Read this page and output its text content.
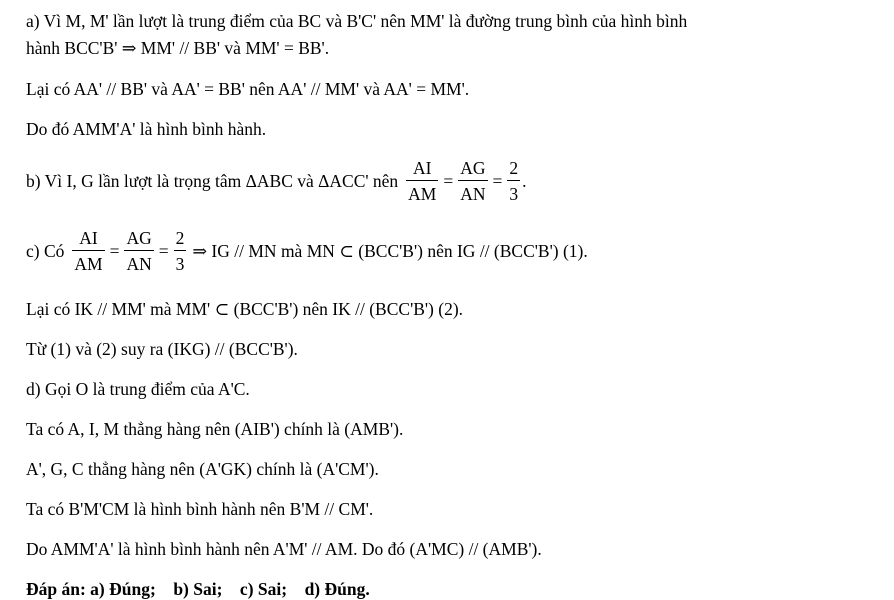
a) Vì M, M' lần lượt là trung điểm của BC và B'C' nên MM' là đường trung bình của hình bình
hành BCC'B' ⇒ MM' // BB' và MM' = BB'.
Lại có AA' // BB' và AA' = BB' nên AA' // MM' và AA' = MM'.
Do đó AMM'A' là hình bình hành.
b) Vì I, G lần lượt là trọng tâm ΔABC và ΔACC' nên $\frac{AI}{AM} = \frac{AG}{AN} = \frac{2}{3}$ .
c) Có $\frac{AI}{AM} = \frac{AG}{AN} = \frac{2}{3}$ ⇒ IG // MN mà MN ⊂ (BCC'B') nên IG // (BCC'B') (1).
Lại có IK // MM' mà MM' ⊂ (BCC'B') nên IK // (BCC'B') (2).
Từ (1) và (2) suy ra (IKG) // (BCC'B').
d) Gọi O là trung điểm của A'C.
Ta có A, I, M thẳng hàng nên (AIB') chính là (AMB').
A', G, C thẳng hàng nên (A'GK) chính là (A'CM').
Ta có B'M'CM là hình bình hành nên B'M // CM'.
Do AMM'A' là hình bình hành nên A'M' // AM. Do đó (A'MC) // (AMB').
Đáp án: a) Đúng;    b) Sai;    c) Sai;    d) Đúng.
